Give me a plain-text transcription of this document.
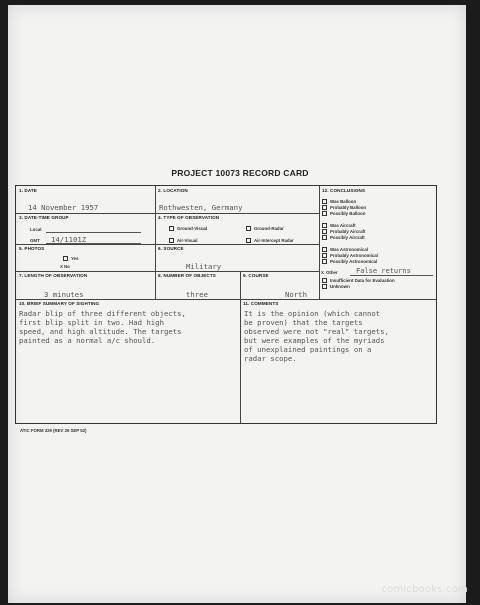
PROJECT 10073 RECORD CARD
1. DATE
14 November 1957
2. LOCATION
Rothwesten, Germany
3. DATE-TIME GROUP
Local
GMT 14/1101Z
4. TYPE OF OBSERVATION
Ground-Visual	Ground-Radar
Air-Visual	Air-Intercept Radar
5. PHOTOS
Yes
X No
6. SOURCE
Military
7. LENGTH OF OBSERVATION
3 minutes
8. NUMBER OF OBJECTS
three
9. COURSE
North
12. CONCLUSIONS
Was Balloon
Probably Balloon
Possibly Balloon
Was Aircraft
Probably Aircraft
Possibly Aircraft
Was Astronomical
Probably Astronomical
Possibly Astronomical
X Other	False returns
Insufficient Data for Evaluation
Unknown
10. BRIEF SUMMARY OF SIGHTING
Radar blip of three different objects,
first blip split in two. Had high
speed, and high altitude. The targets
painted as a normal a/c should.
11. COMMENTS
It is the opinion (which cannot
be proven) that the targets
observed were not "real" targets,
but were examples of the myriads
of unexplained paintings on a
radar scope.
ATIC FORM 329 (REV 26 SEP 52)
comicbooks.com
